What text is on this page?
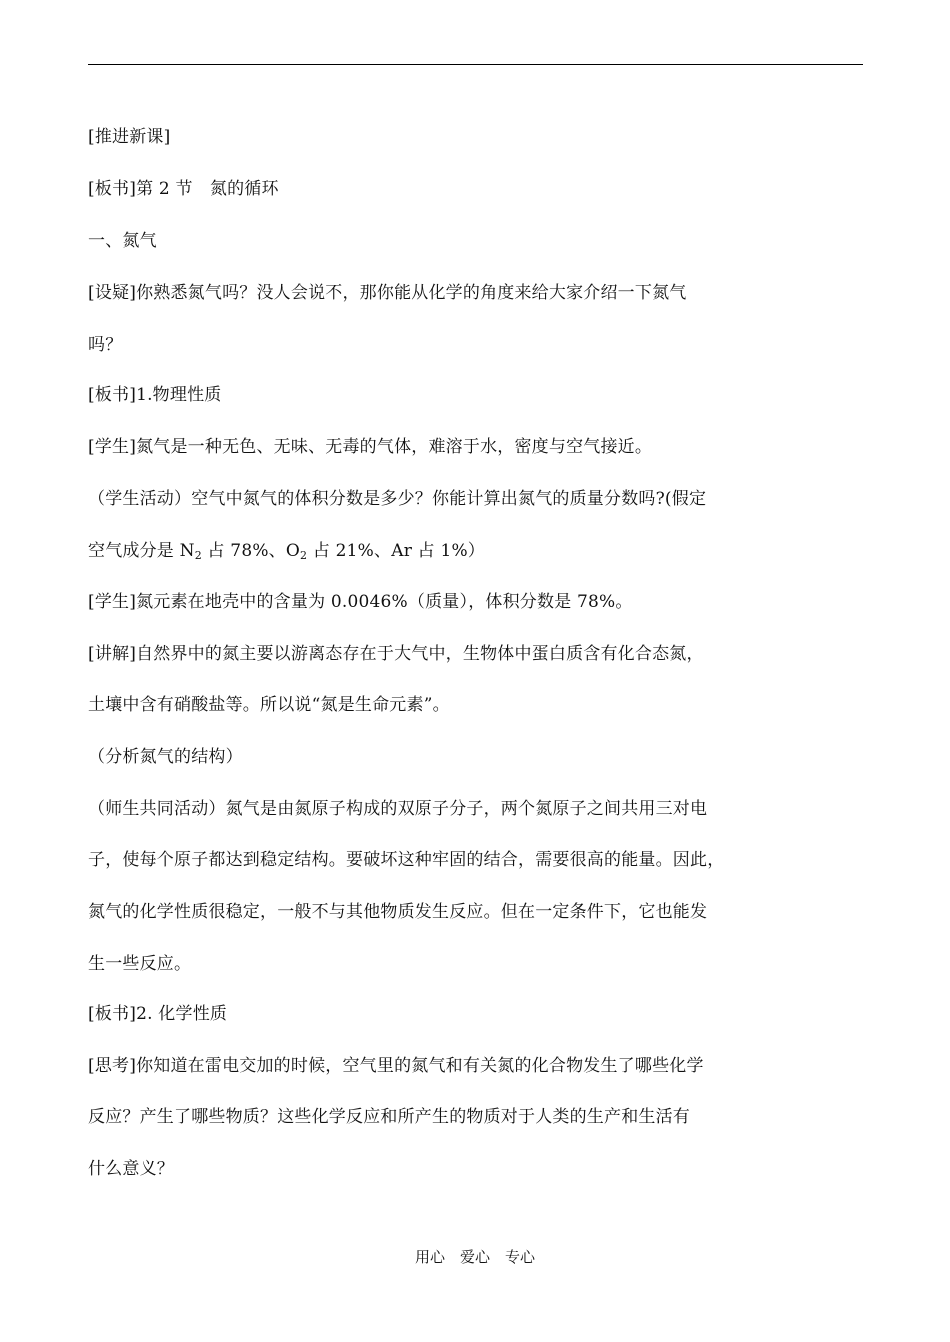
[推进新课]
[板书]第 2 节　氮的循环
一、氮气
[设疑]你熟悉氮气吗？没人会说不，那你能从化学的角度来给大家介绍一下氮气
吗？
[板书]1.物理性质
[学生]氮气是一种无色、无味、无毒的气体，难溶于水，密度与空气接近。
（学生活动）空气中氮气的体积分数是多少？你能计算出氮气的质量分数吗?(假定
空气成分是 $N_2$ 占 78%、$O_2$ 占 21%、Ar 占 1%）
[学生]氮元素在地壳中的含量为 0.0046%（质量），体积分数是 78%。
[讲解]自然界中的氮主要以游离态存在于大气中，生物体中蛋白质含有化合态氮，
土壤中含有硝酸盐等。所以说“氮是生命元素”。
（分析氮气的结构）
（师生共同活动）氮气是由氮原子构成的双原子分子，两个氮原子之间共用三对电
子，使每个原子都达到稳定结构。要破坏这种牢固的结合，需要很高的能量。因此，
氮气的化学性质很稳定，一般不与其他物质发生反应。但在一定条件下，它也能发
生一些反应。
[板书]2. 化学性质
[思考]你知道在雷电交加的时候，空气里的氮气和有关氮的化合物发生了哪些化学
反应？产生了哪些物质？这些化学反应和所产生的物质对于人类的生产和生活有
什么意义？
用心　爱心　专心
